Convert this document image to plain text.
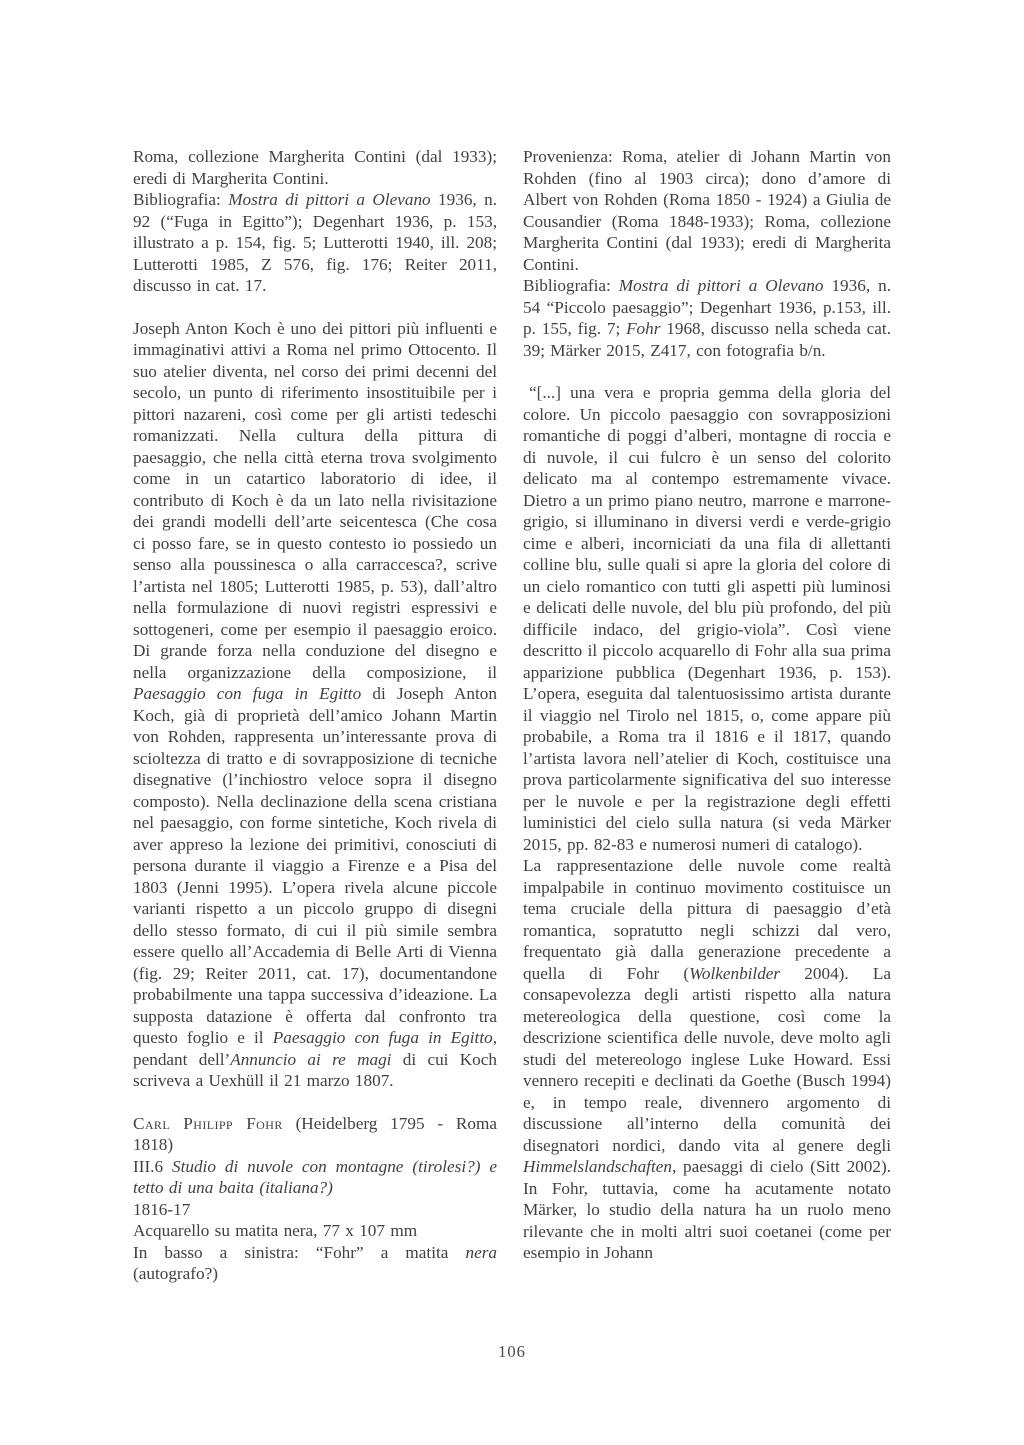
Roma, collezione Margherita Contini (dal 1933); eredi di Margherita Contini.

Bibliografia: Mostra di pittori a Olevano 1936, n. 92 (“Fuga in Egitto”); Degenhart 1936, p. 153, illustrato a p. 154, fig. 5; Lutterotti 1940, ill. 208; Lutterotti 1985, Z 576, fig. 176; Reiter 2011, discusso in cat. 17.

Joseph Anton Koch è uno dei pittori più influenti e immaginativi attivi a Roma nel primo Ottocento. Il suo atelier diventa, nel corso dei primi decenni del secolo, un punto di riferimento insostituibile per i pittori nazareni, così come per gli artisti tedeschi romanizzati. Nella cultura della pittura di paesaggio, che nella città eterna trova svolgimento come in un catartico laboratorio di idee, il contributo di Koch è da un lato nella rivisitazione dei grandi modelli dell’arte seicentesca (Che cosa ci posso fare, se in questo contesto io possiedo un senso alla poussinesca o alla carraccesca?, scrive l’artista nel 1805; Lutterotti 1985, p. 53), dall’altro nella formulazione di nuovi registri espressivi e sottogeneri, come per esempio il paesaggio eroico. Di grande forza nella conduzione del disegno e nella organizzazione della composizione, il Paesaggio con fuga in Egitto di Joseph Anton Koch, già di proprietà dell’amico Johann Martin von Rohden, rappresenta un’interessante prova di scioltezza di tratto e di sovrapposizione di tecniche disegnative (l’inchiostro veloce sopra il disegno composto). Nella declinazione della scena cristiana nel paesaggio, con forme sintetiche, Koch rivela di aver appreso la lezione dei primitivi, conosciuti di persona durante il viaggio a Firenze e a Pisa del 1803 (Jenni 1995). L’opera rivela alcune piccole varianti rispetto a un piccolo gruppo di disegni dello stesso formato, di cui il più simile sembra essere quello all’Accademia di Belle Arti di Vienna (fig. 29; Reiter 2011, cat. 17), documentandone probabilmente una tappa successiva d’ideazione. La supposta datazione è offerta dal confronto tra questo foglio e il Paesaggio con fuga in Egitto, pendant dell’Annuncio ai re magi di cui Koch scriveva a Uexhüll il 21 marzo 1807.

Carl Philipp Fohr (Heidelberg 1795 - Roma 1818)

III.6 Studio di nuvole con montagne (tirolesi?) e tetto di una baita (italiana?)

1816-17

Acquarello su matita nera, 77 x 107 mm

In basso a sinistra: “Fohr” a matita nera (autografo?)

Provenienza: Roma, atelier di Johann Martin von Rohden (fino al 1903 circa); dono d’amore di Albert von Rohden (Roma 1850 - 1924) a Giulia de Cousandier (Roma 1848-1933); Roma, collezione Margherita Contini (dal 1933); eredi di Margherita Contini.

Bibliografia: Mostra di pittori a Olevano 1936, n. 54 “Piccolo paesaggio”; Degenhart 1936, p.153, ill. p. 155, fig. 7; Fohr 1968, discusso nella scheda cat. 39; Märker 2015, Z417, con fotografia b/n.

“[...] una vera e propria gemma della gloria del colore. Un piccolo paesaggio con sovrapposizioni romantiche di poggi d’alberi, montagne di roccia e di nuvole, il cui fulcro è un senso del colorito delicato ma al contempo estremamente vivace. Dietro a un primo piano neutro, marrone e marrone-grigio, si illuminano in diversi verdi e verde-grigio cime e alberi, incorniciati da una fila di allettanti colline blu, sulle quali si apre la gloria del colore di un cielo romantico con tutti gli aspetti più luminosi e delicati delle nuvole, del blu più profondo, del più difficile indaco, del grigio-viola”. Così viene descritto il piccolo acquarello di Fohr alla sua prima apparizione pubblica (Degenhart 1936, p. 153). L’opera, eseguita dal talentuosissimo artista durante il viaggio nel Tirolo nel 1815, o, come appare più probabile, a Roma tra il 1816 e il 1817, quando l’artista lavora nell’atelier di Koch, costituisce una prova particolarmente significativa del suo interesse per le nuvole e per la registrazione degli effetti luministici del cielo sulla natura (si veda Märker 2015, pp. 82-83 e numerosi numeri di catalogo).

La rappresentazione delle nuvole come realtà impalpabile in continuo movimento costituisce un tema cruciale della pittura di paesaggio d’età romantica, sopratutto negli schizzi dal vero, frequentato già dalla generazione precedente a quella di Fohr (Wolkenbilder 2004). La consapevolezza degli artisti rispetto alla natura metereologica della questione, così come la descrizione scientifica delle nuvole, deve molto agli studi del metereologo inglese Luke Howard. Essi vennero recepiti e declinati da Goethe (Busch 1994) e, in tempo reale, divennero argomento di discussione all’interno della comunità dei disegnatori nordici, dando vita al genere degli Himmelslandschaften, paesaggi di cielo (Sitt 2002). In Fohr, tuttavia, come ha acutamente notato Märker, lo studio della natura ha un ruolo meno rilevante che in molti altri suoi coetanei (come per esempio in Johann

106
